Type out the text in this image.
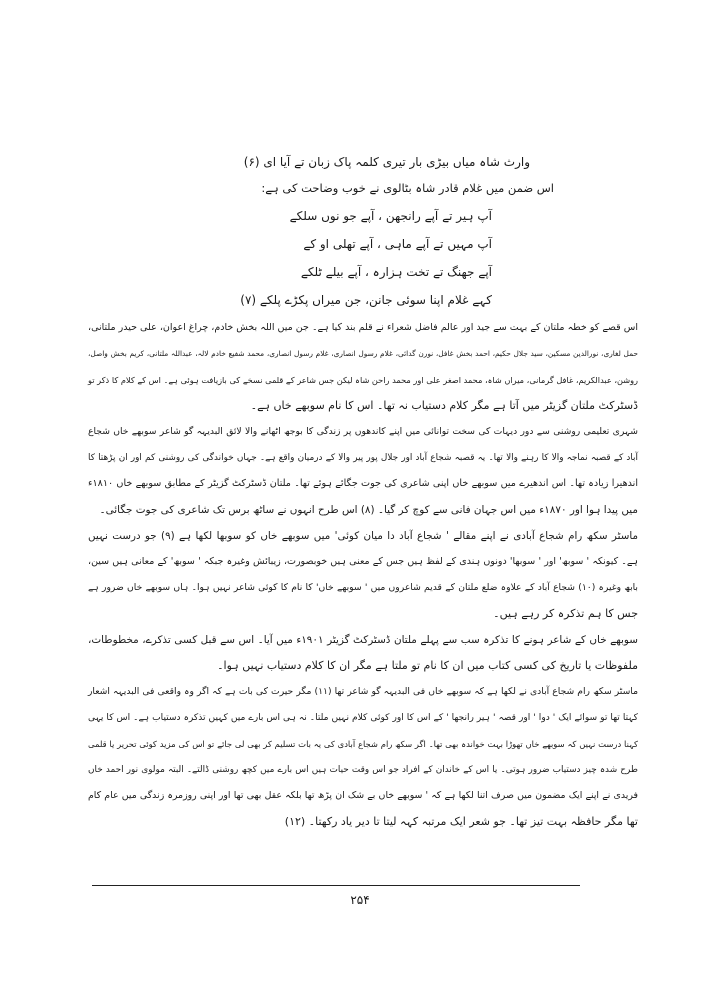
وارث شاہ میاں بیڑی بار تیری کلمہ پاک زبان تے آیا ای (۶)
اس ضمن میں غلام قادر شاہ بٹالوی نے خوب وضاحت کی ہے:
آپ ہیر تے آپے رانجھن ، آپے جو نوں سلکے
آپ مہیں تے آپے ماہی ، آپے تھلی او کے
آپے جھنگ تے تخت ہزارہ ، آپے بیلے ٹلکے
کہے غلام اپنا سوئی جانن، جن میراں پکڑے پلکے (۷)
اس قصے کو خطہ ملتان کے بہت سے جید اور عالم فاضل شعراء نے قلم بند کیا ہے۔ جن میں اللہ بخش خادم، چراغ اعوان، علی حیدر ملتانی،
حمل لغاری، نورالدین مسکین، سید جلال حکیم، احمد بخش غافل، نورن گدائی، غلام رسول انصاری، غلام رسول انصاری، محمد شفیع خادم لالہ، عبداللہ ملتانی، کریم بخش واصل،
روشن، عبدالکریم، غافل گرمانی، میراں شاہ، محمد اصغر علی اور محمد راحن شاہ لیکن جس شاعر کے قلمی نسخے کی بازیافت ہوئی ہے۔ اس کے کلام کا ذکر تو
ڈسٹرکٹ ملتان گزیٹر میں آتا ہے مگر کلام دستیاب نہ تھا۔ اس کا نام سوبھے خاں ہے۔
شہری تعلیمی روشنی سے دور دیہات کی سخت توانائی میں اپنے کاندھوں پر زندگی کا بوجھ اٹھانے والا لائق البدیہہ گو شاعر سوبھے خاں شجاع
آباد کے قصبہ نماجہ والا کا رہنے والا تھا۔ یہ قصبہ شجاع آباد اور جلال پور پیر والا کے درمیان واقع ہے۔ جہاں خواندگی کی روشنی کم اور ان پڑھتا کا
اندھیرا زیادہ تھا۔ اس اندھیرے میں سوبھے خاں اپنی شاعری کی جوت جگائے ہوئے تھا۔ ملتان ڈسٹرکٹ گزیٹر کے مطابق سوبھے خاں ۱۸۱۰ء
میں پیدا ہوا اور ۱۸۷۰ء میں اس جہان فانی سے کوچ کر گیا۔ (۸) اس طرح انہوں نے ساٹھ برس تک شاعری کی جوت جگائی۔
ماسٹر سکھ رام شجاع آبادی نے اپنے مقالے ' شجاع آباد دا میان کوئی' میں سوبھے خاں کو سوبھا لکھا ہے (۹) جو درست نہیں
ہے۔ کیونکہ ' سوبھ' اور ' سوبھا' دونوں ہندی کے لفظ ہیں جس کے معنی ہیں خوبصورت، زیبائش وغیرہ جبکہ ' سوبھ' کے معانی ہیں سین،
بابھ وغیرہ (۱۰) شجاع آباد کے علاوہ ضلع ملتان کے قدیم شاعروں میں ' سوبھے خاں' کا نام کا کوئی شاعر نہیں ہوا۔ ہاں سوبھے خاں ضرور ہے
جس کا ہم تذکرہ کر رہے ہیں۔
سوبھے خاں کے شاعر ہونے کا تذکرہ سب سے پہلے ملتان ڈسٹرکٹ گزیٹر ۱۹۰۱ء میں آیا۔ اس سے قبل کسی تذکرے، مخطوطات،
ملفوظات یا تاریخ کی کسی کتاب میں ان کا نام تو ملتا ہے مگر ان کا کلام دستیاب نہیں ہوا۔
ماسٹر سکھ رام شجاع آبادی نے لکھا ہے کہ سوبھے خاں فی البدیہہ گو شاعر تھا (۱۱) مگر حیرت کی بات ہے کہ اگر وہ واقعی فی البدیہہ اشعار
کہتا تھا تو سوائے ایک ' دوا ' اور قصہ ' ہیر رانجھا ' کے اس کا اور کوئی کلام نہیں ملتا۔ نہ ہی اس بارے میں کہیں تذکرہ دستیاب ہے۔ اس کا یہی
کہنا درست نہیں کہ سوبھے خاں تھوڑا بہت خواندہ بھی تھا۔ اگر سکھ رام شجاع آبادی کی یہ بات تسلیم کر بھی لی جائے تو اس کی مزید کوئی تحریر یا قلمی
طرح شدہ چیز دستیاب ضرور ہوتی۔ یا اس کے خاندان کے افراد جو اس وقت حیات ہیں اس بارے میں کچھ روشنی ڈالتے۔ البتہ مولوی نور احمد خاں
فریدی نے اپنے ایک مضمون میں صرف اتنا لکھا ہے کہ ' سوبھے خاں بے شک ان پڑھ تھا بلکہ عقل بھی تھا اور اپنی روزمرہ زندگی میں عام کام
تھا مگر حافظہ بہت تیز تھا۔ جو شعر ایک مرتبہ کہہ لیتا تا دیر یاد رکھتا۔ (۱۲)
۲۵۴
